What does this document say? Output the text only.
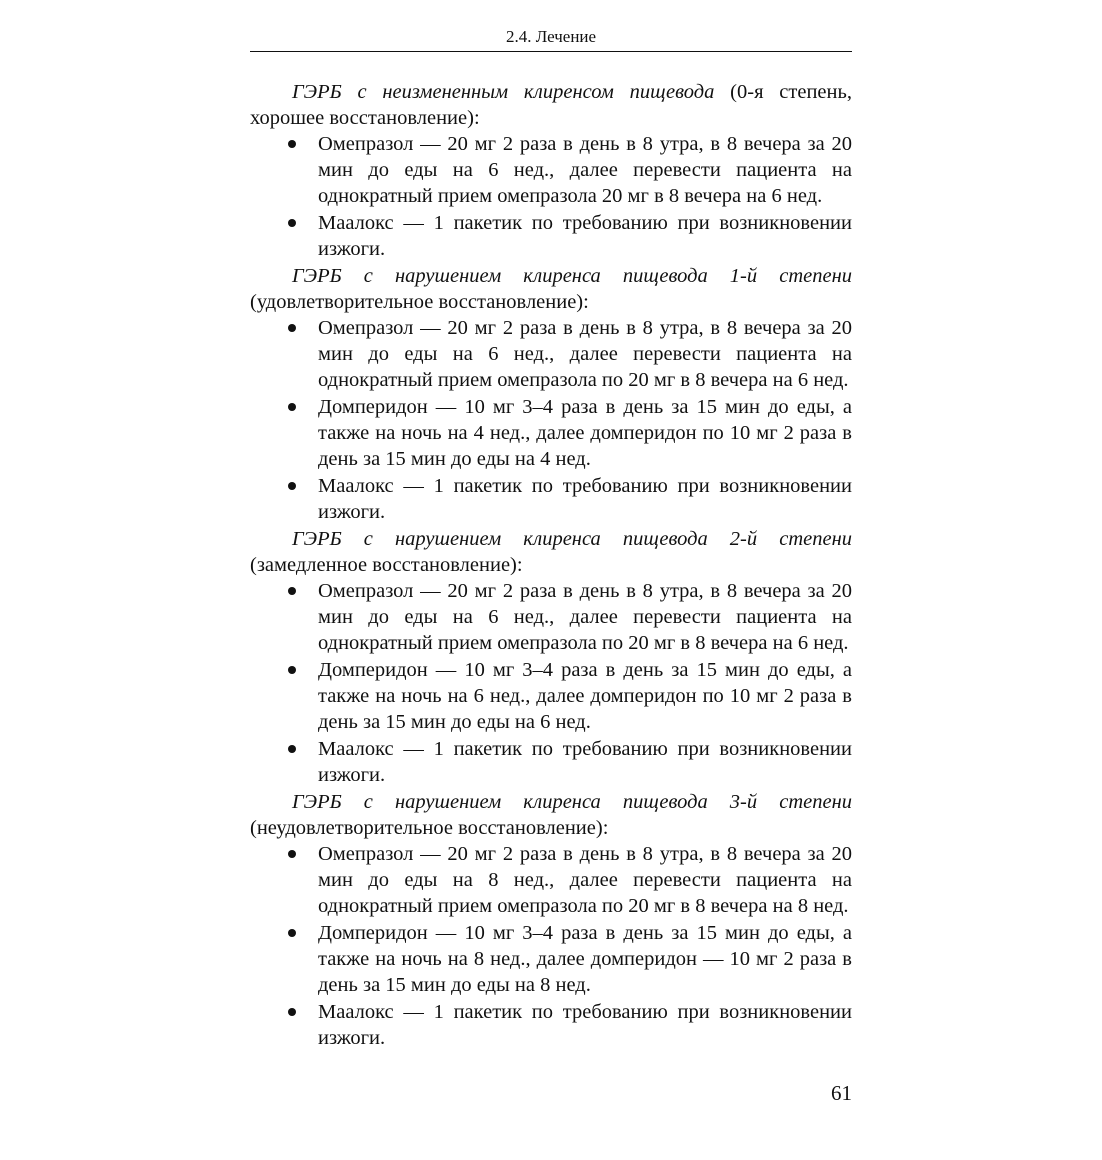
2.4. Лечение

ГЭРБ с неизмененным клиренсом пищевода (0-я степень, хорошее восстановление):

Омепразол — 20 мг 2 раза в день в 8 утра, в 8 вечера за 20 мин до еды на 6 нед., далее перевести пациента на однократный прием омепразола 20 мг в 8 вечера на 6 нед.
Маалокс — 1 пакетик по требованию при возникновении изжоги.

ГЭРБ с нарушением клиренса пищевода 1-й степени (удовлетворительное восстановление):

Омепразол — 20 мг 2 раза в день в 8 утра, в 8 вечера за 20 мин до еды на 6 нед., далее перевести пациента на однократный прием омепразола по 20 мг в 8 вечера на 6 нед.
Домперидон — 10 мг 3–4 раза в день за 15 мин до еды, а также на ночь на 4 нед., далее домперидон по 10 мг 2 раза в день за 15 мин до еды на 4 нед.
Маалокс — 1 пакетик по требованию при возникновении изжоги.

ГЭРБ с нарушением клиренса пищевода 2-й степени (замедленное восстановление):

Омепразол — 20 мг 2 раза в день в 8 утра, в 8 вечера за 20 мин до еды на 6 нед., далее перевести пациента на однократный прием омепразола по 20 мг в 8 вечера на 6 нед.
Домперидон — 10 мг 3–4 раза в день за 15 мин до еды, а также на ночь на 6 нед., далее домперидон по 10 мг 2 раза в день за 15 мин до еды на 6 нед.
Маалокс — 1 пакетик по требованию при возникновении изжоги.

ГЭРБ с нарушением клиренса пищевода 3-й степени (неудовлетворительное восстановление):

Омепразол — 20 мг 2 раза в день в 8 утра, в 8 вечера за 20 мин до еды на 8 нед., далее перевести пациента на однократный прием омепразола по 20 мг в 8 вечера на 8 нед.
Домперидон — 10 мг 3–4 раза в день за 15 мин до еды, а также на ночь на 8 нед., далее домперидон — 10 мг 2 раза в день за 15 мин до еды на 8 нед.
Маалокс — 1 пакетик по требованию при возникновении изжоги.
61
